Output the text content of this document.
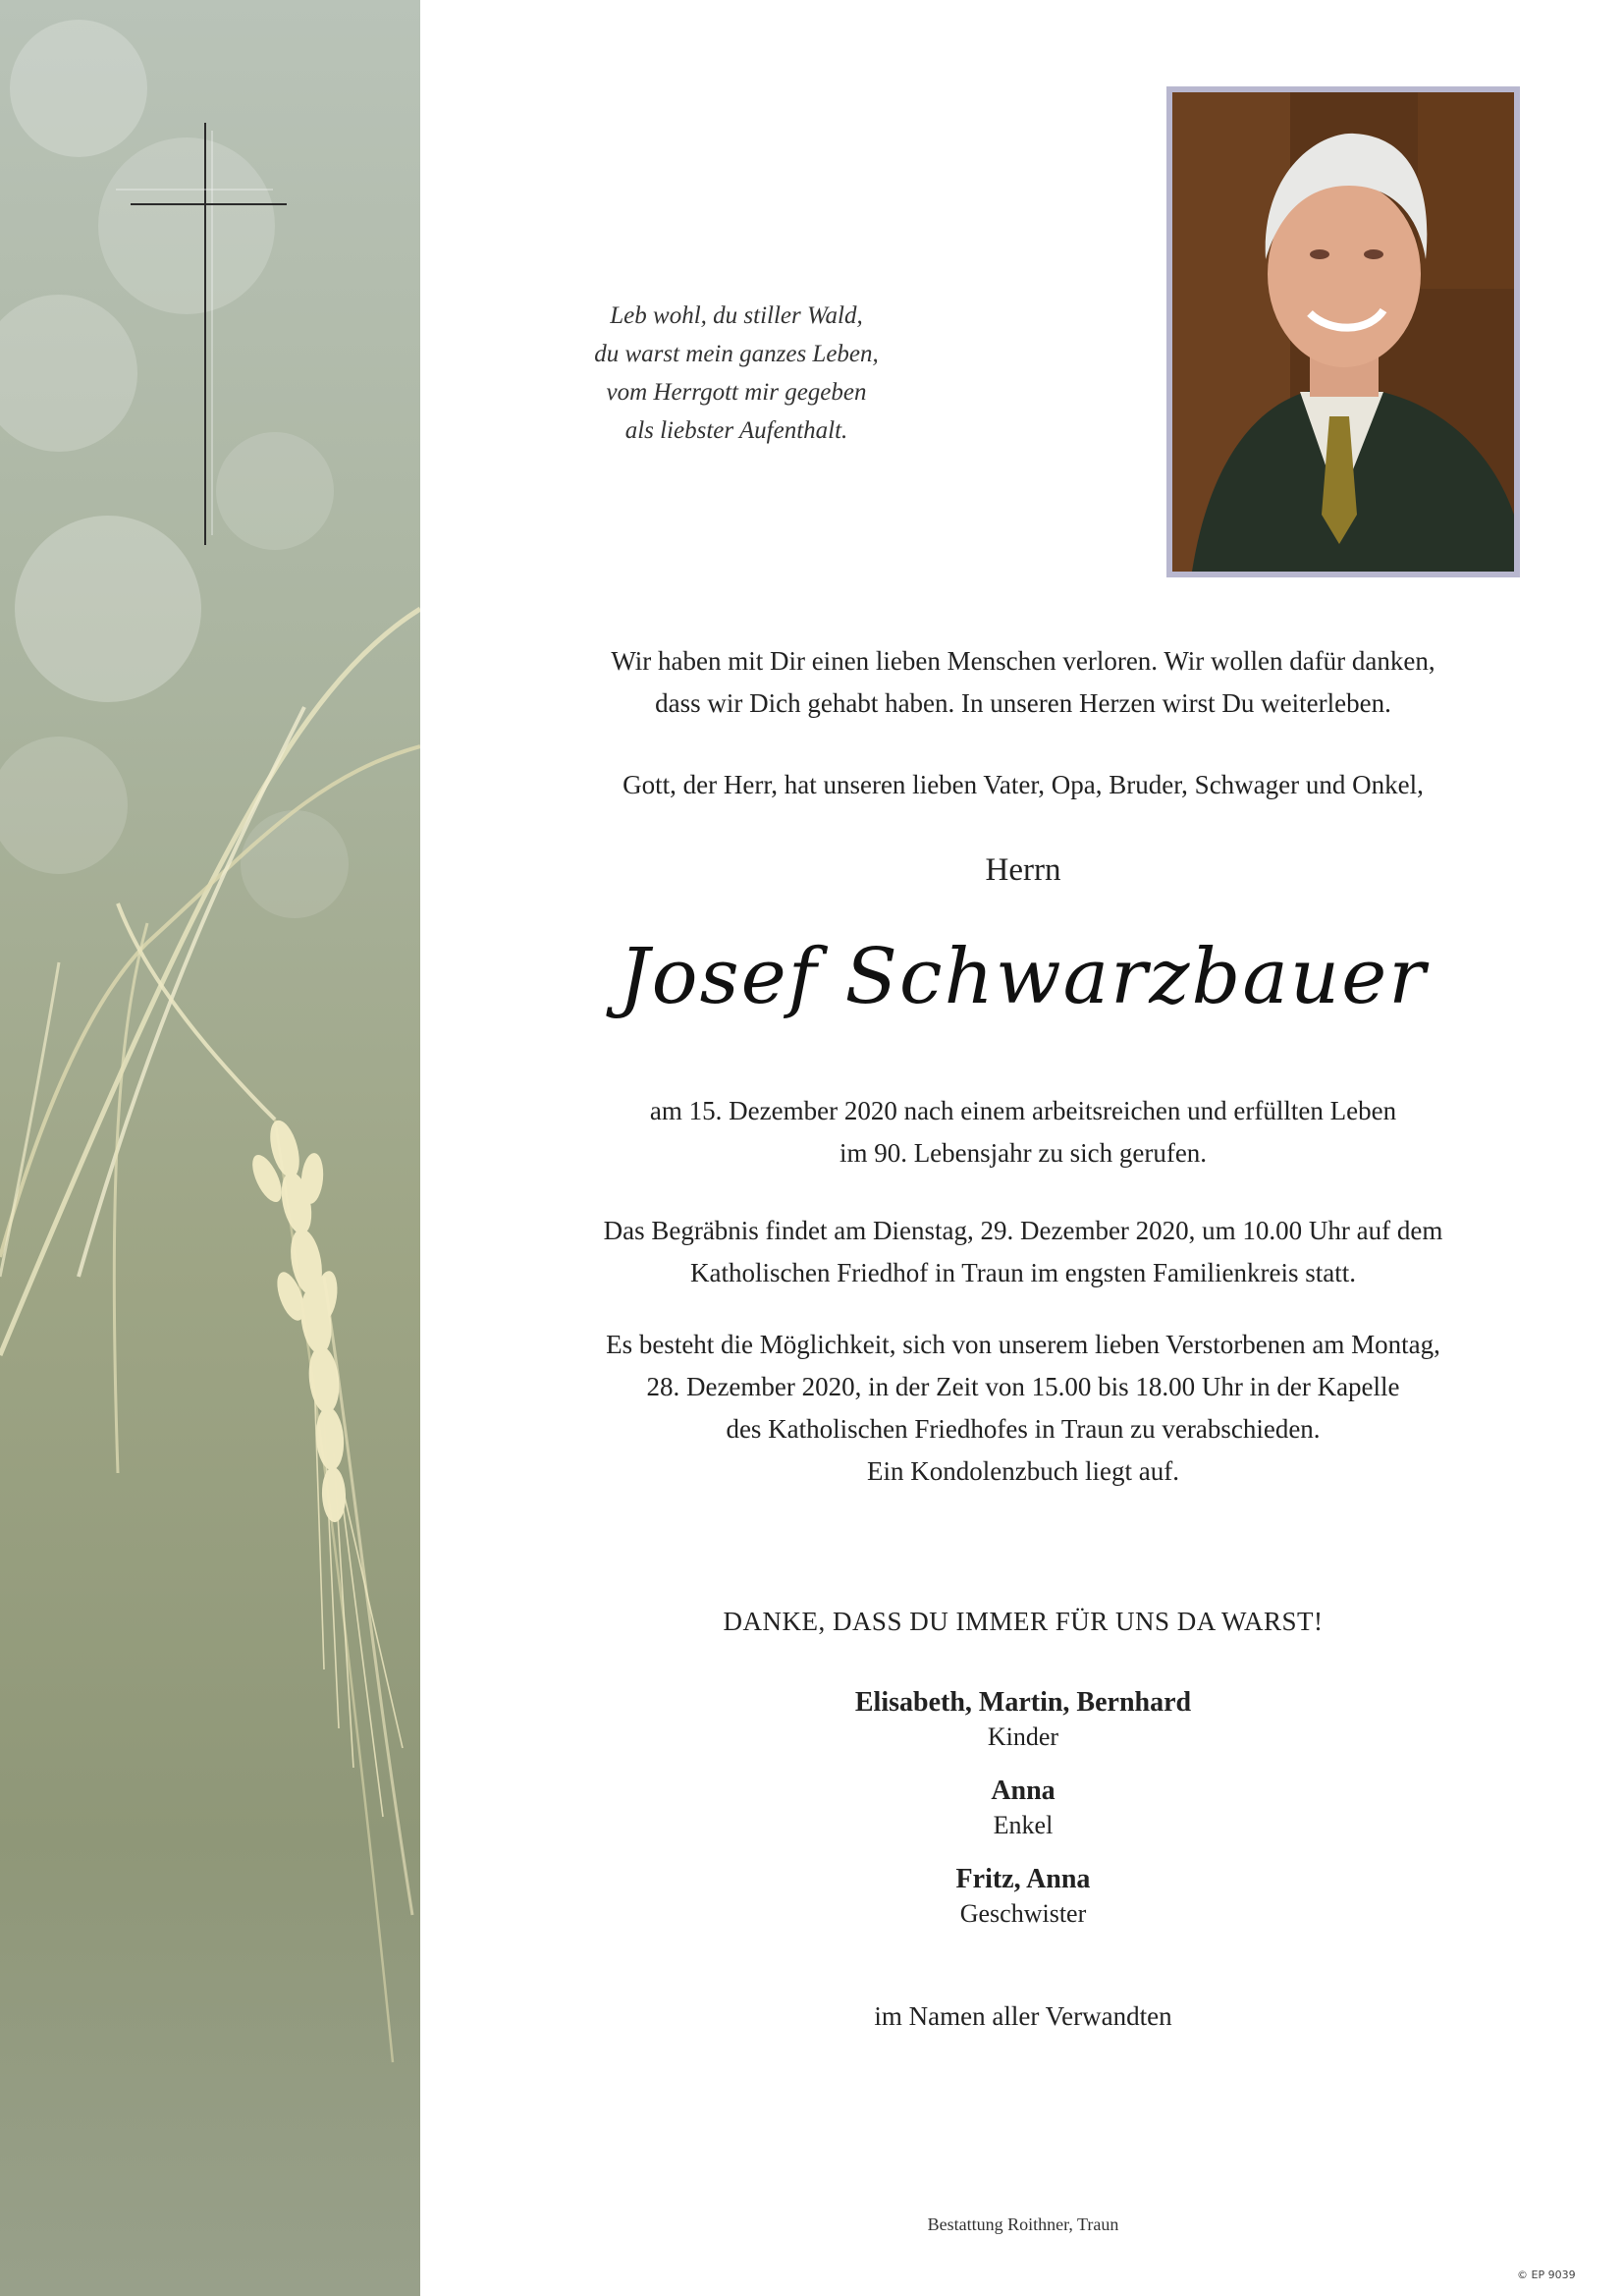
Leb wohl, du stiller Wald,
du warst mein ganzes Leben,
vom Herrgott mir gegeben
als liebster Aufenthalt.
Wir haben mit Dir einen lieben Menschen verloren. Wir wollen dafür danken,
dass wir Dich gehabt haben. In unseren Herzen wirst Du weiterleben.
Gott, der Herr, hat unseren lieben Vater, Opa, Bruder, Schwager und Onkel,
Herrn
Josef Schwarzbauer
am 15. Dezember 2020 nach einem arbeitsreichen und erfüllten Leben
im 90. Lebensjahr zu sich gerufen.
Das Begräbnis findet am Dienstag, 29. Dezember 2020, um 10.00 Uhr auf dem
Katholischen Friedhof in Traun im engsten Familienkreis statt.
Es besteht die Möglichkeit, sich von unserem lieben Verstorbenen am Montag,
28. Dezember 2020, in der Zeit von 15.00 bis 18.00 Uhr in der Kapelle
des Katholischen Friedhofes in Traun zu verabschieden.
Ein Kondolenzbuch liegt auf.
DANKE, DASS DU IMMER FÜR UNS DA WARST!
Elisabeth, Martin, Bernhard
Kinder
Anna
Enkel
Fritz, Anna
Geschwister
im Namen aller Verwandten
Bestattung Roithner, Traun
© EP 9039
